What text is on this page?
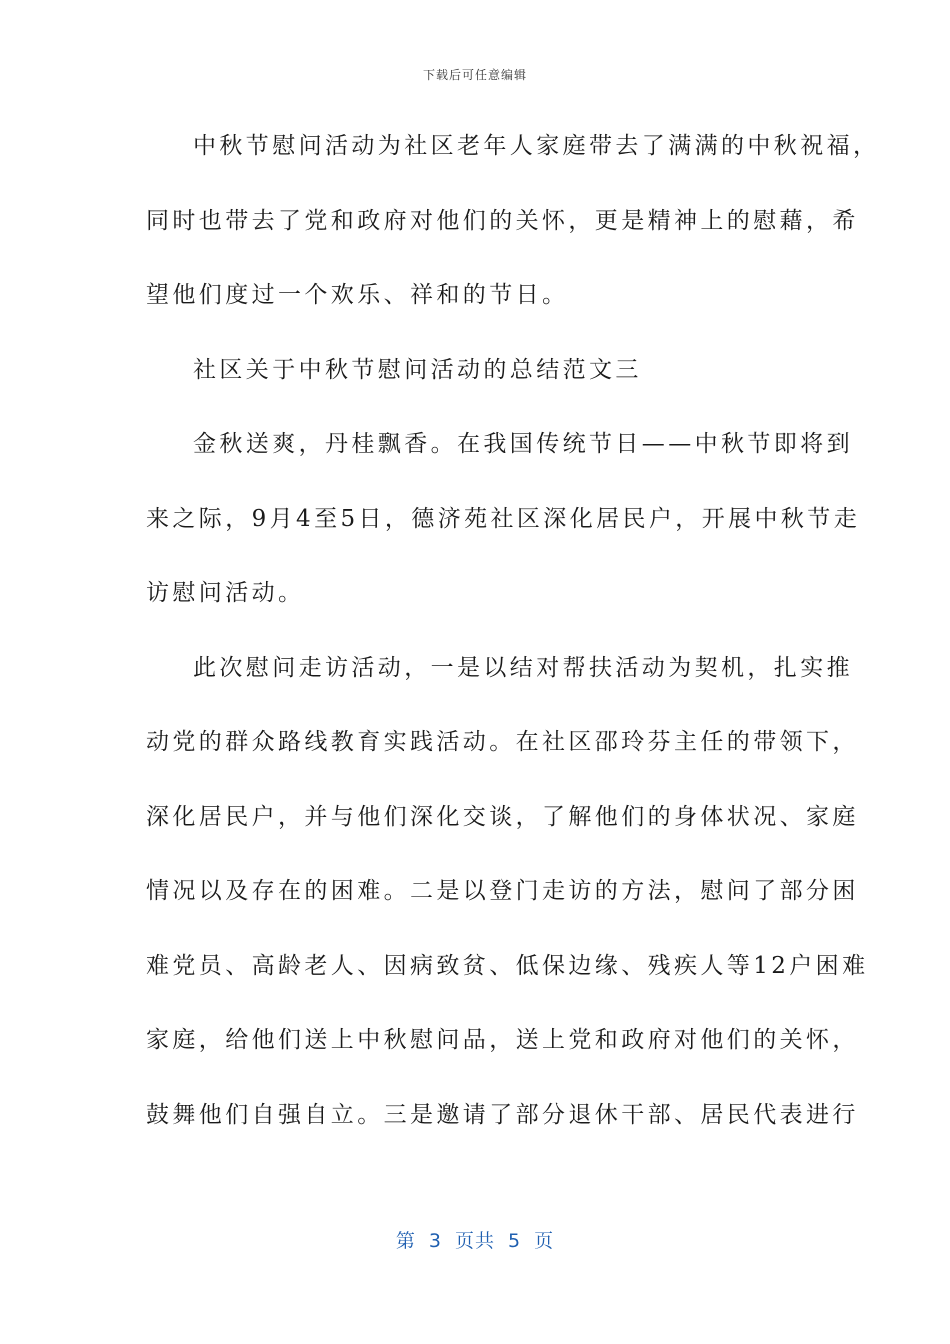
下载后可任意编辑
中秋节慰问活动为社区老年人家庭带去了满满的中秋祝福，
同时也带去了党和政府对他们的关怀，更是精神上的慰藉，希
望他们度过一个欢乐、祥和的节日。
社区关于中秋节慰问活动的总结范文三
金秋送爽，丹桂飘香。在我国传统节日——中秋节即将到
来之际，9月4至5日，德济苑社区深化居民户，开展中秋节走
访慰问活动。
此次慰问走访活动，一是以结对帮扶活动为契机，扎实推
动党的群众路线教育实践活动。在社区邵玲芬主任的带领下，
深化居民户，并与他们深化交谈，了解他们的身体状况、家庭
情况以及存在的困难。二是以登门走访的方法，慰问了部分困
难党员、高龄老人、因病致贫、低保边缘、残疾人等12户困难
家庭，给他们送上中秋慰问品，送上党和政府对他们的关怀，
鼓舞他们自强自立。三是邀请了部分退休干部、居民代表进行
第 3 页共 5 页
